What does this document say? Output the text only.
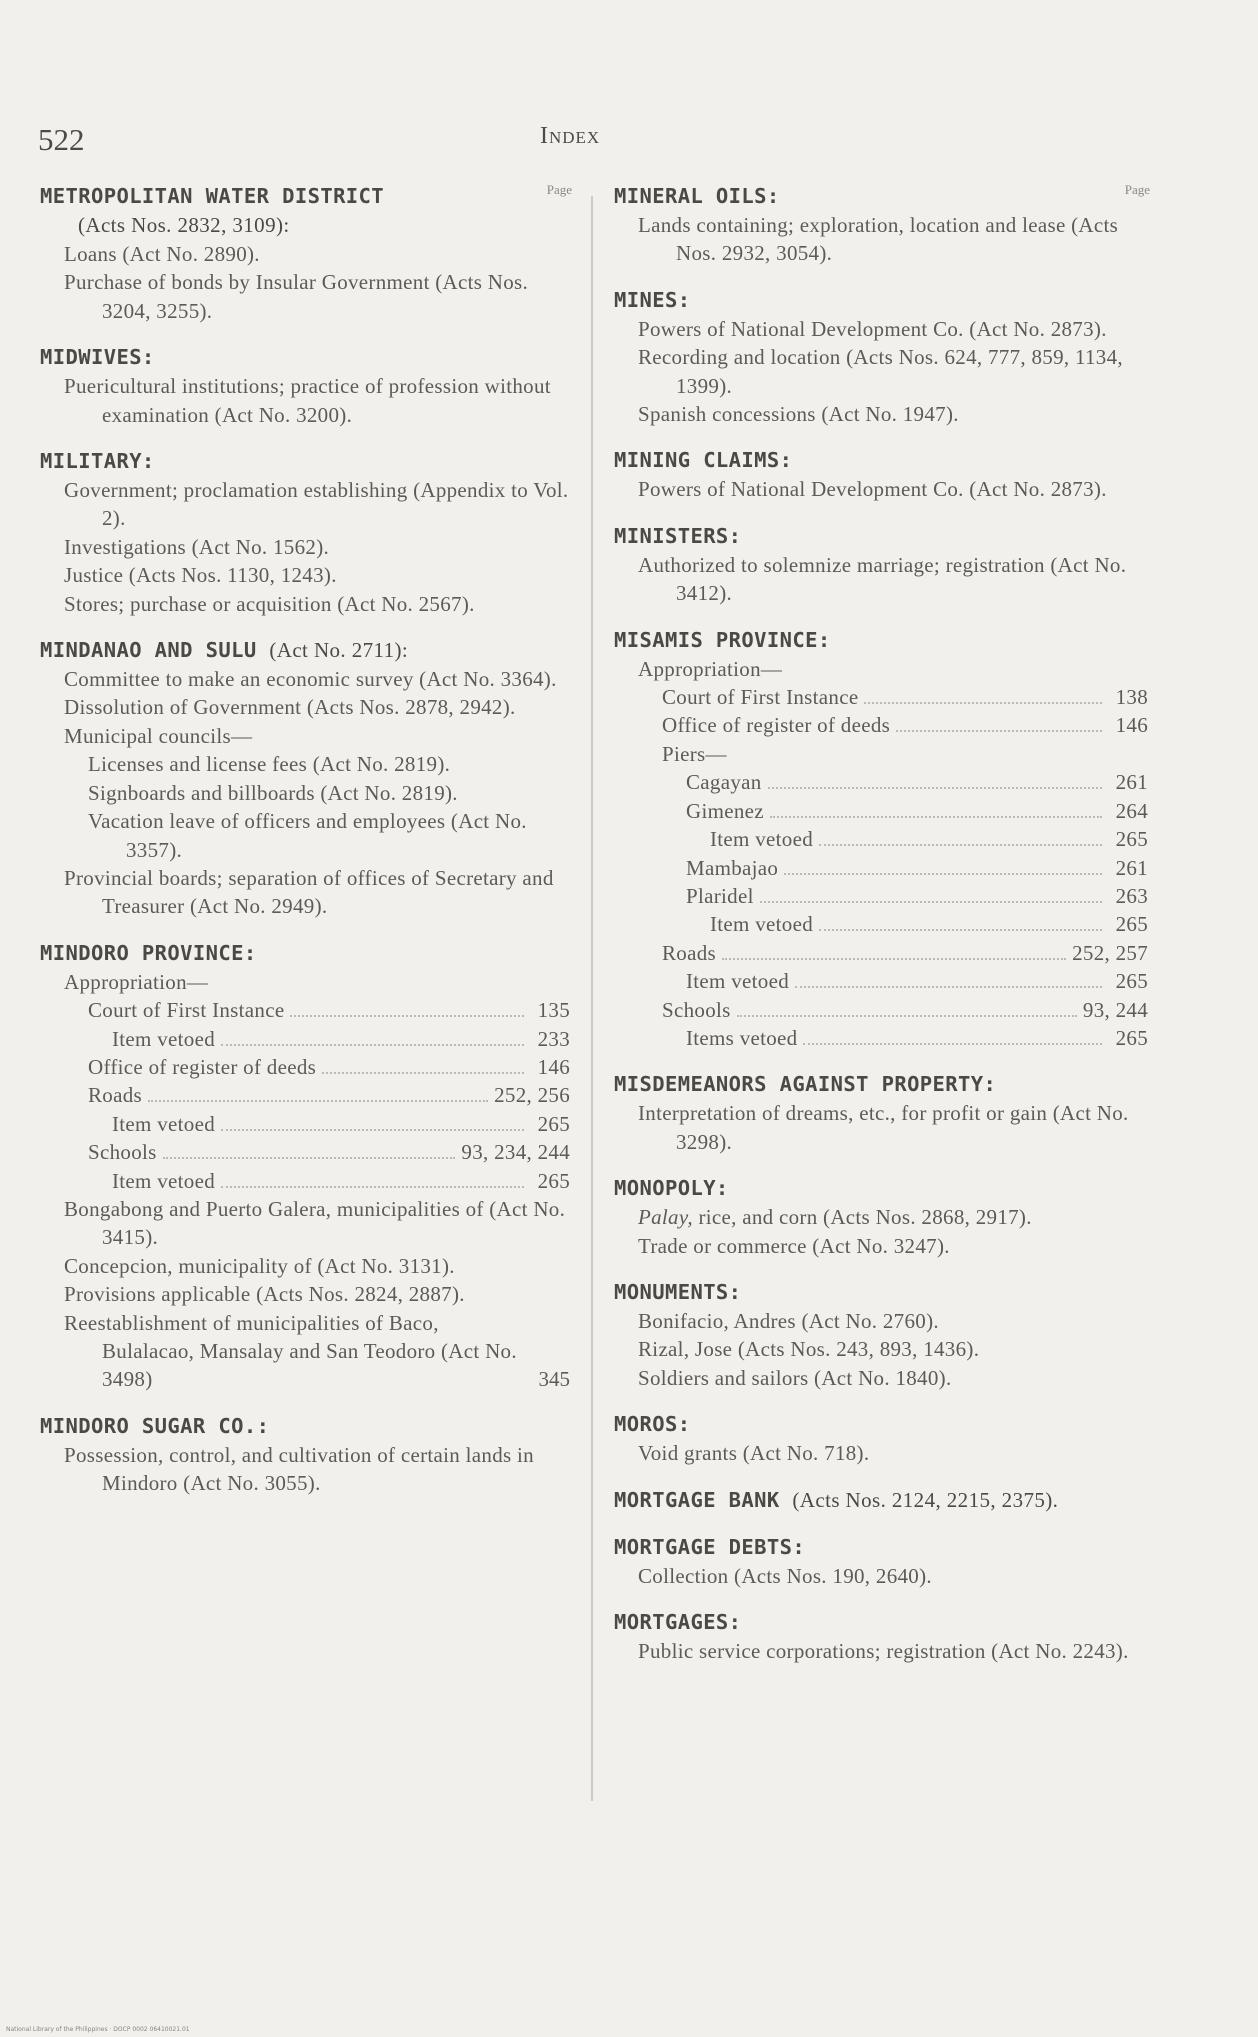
522	Index
Page
METROPOLITAN WATER DISTRICT
(Acts Nos. 2832, 3109):
Loans (Act No. 2890).
Purchase of bonds by Insular Government (Acts Nos. 3204, 3255).
MIDWIVES:
Puericultural institutions; practice of profession without examination (Act No. 3200).
MILITARY:
Government; proclamation establishing (Appendix to Vol. 2).
Investigations (Act No. 1562).
Justice (Acts Nos. 1130, 1243).
Stores; purchase or acquisition (Act No. 2567).
MINDANAO AND SULU (Act No. 2711):
Committee to make an economic survey (Act No. 3364).
Dissolution of Government (Acts Nos. 2878, 2942).
Municipal councils—
Licenses and license fees (Act No. 2819).
Signboards and billboards (Act No. 2819).
Vacation leave of officers and employees (Act No. 3357).
Provincial boards; separation of offices of Secretary and Treasurer (Act No. 2949).
MINDORO PROVINCE:
Appropriation—
Court of First Instance	135
Item vetoed	233
Office of register of deeds	146
Roads	252, 256
Item vetoed	265
Schools	93, 234, 244
Item vetoed	265
Bongabong and Puerto Galera, municipalities of (Act No. 3415).
Concepcion, municipality of (Act No. 3131).
Provisions applicable (Acts Nos. 2824, 2887).
Reestablishment of municipalities of Baco, Bulalacao, Mansalay and San Teodoro (Act No. 3498)	345
MINDORO SUGAR CO.:
Possession, control, and cultivation of certain lands in Mindoro (Act No. 3055).
Page
MINERAL OILS:
Lands containing; exploration, location and lease (Acts Nos. 2932, 3054).
MINES:
Powers of National Development Co. (Act No. 2873).
Recording and location (Acts Nos. 624, 777, 859, 1134, 1399).
Spanish concessions (Act No. 1947).
MINING CLAIMS:
Powers of National Development Co. (Act No. 2873).
MINISTERS:
Authorized to solemnize marriage; registration (Act No. 3412).
MISAMIS PROVINCE:
Appropriation—
Court of First Instance	138
Office of register of deeds	146
Piers—
Cagayan	261
Gimenez	264
Item vetoed	265
Mambajao	261
Plaridel	263
Item vetoed	265
Roads	252, 257
Item vetoed	265
Schools	93, 244
Items vetoed	265
MISDEMEANORS AGAINST PROPERTY:
Interpretation of dreams, etc., for profit or gain (Act No. 3298).
MONOPOLY:
Palay, rice, and corn (Acts Nos. 2868, 2917).
Trade or commerce (Act No. 3247).
MONUMENTS:
Bonifacio, Andres (Act No. 2760).
Rizal, Jose (Acts Nos. 243, 893, 1436).
Soldiers and sailors (Act No. 1840).
MOROS:
Void grants (Act No. 718).
MORTGAGE BANK (Acts Nos. 2124, 2215, 2375).
MORTGAGE DEBTS:
Collection (Acts Nos. 190, 2640).
MORTGAGES:
Public service corporations; registration (Act No. 2243).
National Library of the Philippines · DOCP 0002 06410021.01
